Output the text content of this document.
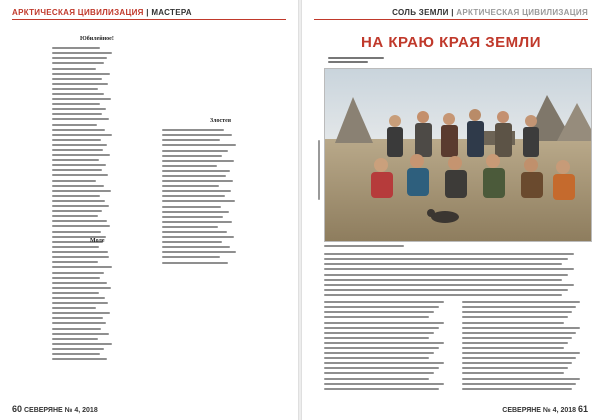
АРКТИЧЕСКАЯ ЦИВИЛИЗАЦИЯ | МАСТЕРА
Юбилейное!
Злостея
Моле
60 СЕВЕРЯНЕ № 4, 2018
СОЛЬ ЗЕМЛИ | АРКТИЧЕСКАЯ ЦИВИЛИЗАЦИЯ
НА КРАЮ КРАЯ ЗЕМЛИ
СЕВЕРЯНЕ № 4, 2018 61
